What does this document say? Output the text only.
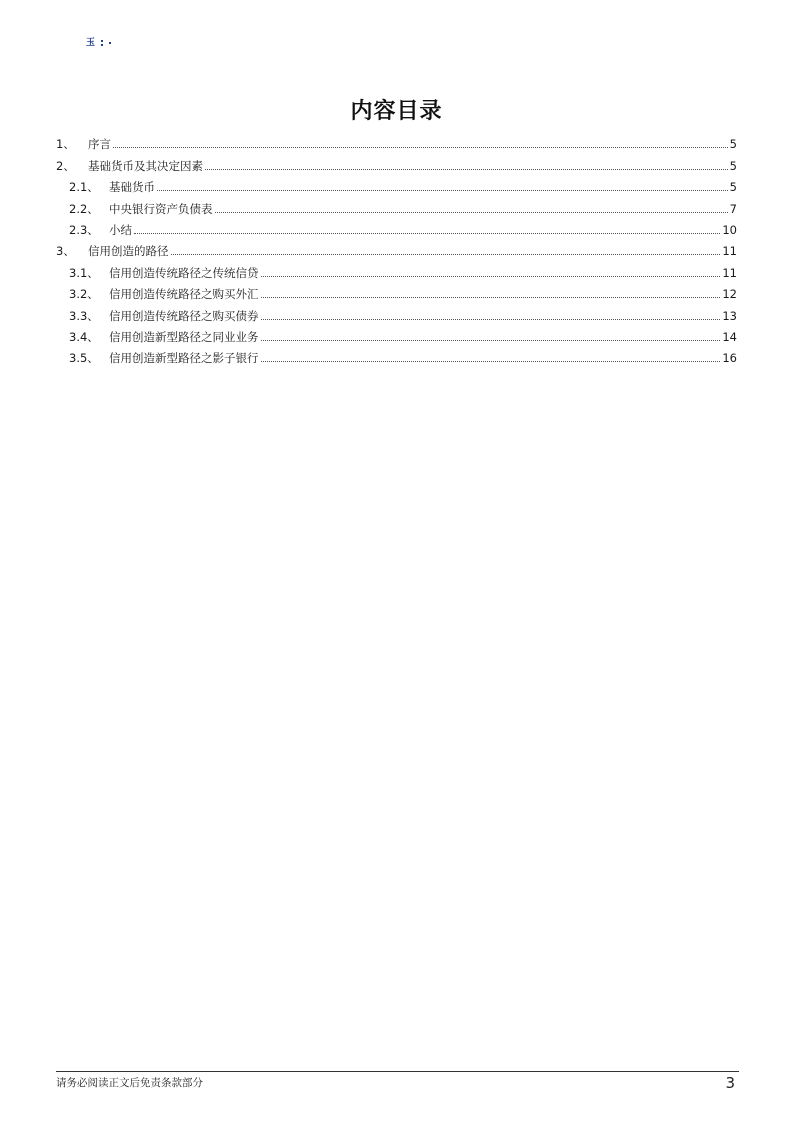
玉
内容目录
1、 序言	5
2、 基础货币及其决定因素	5
2.1、 基础货币	5
2.2、 中央银行资产负债表	7
2.3、 小结	10
3、 信用创造的路径	11
3.1、 信用创造传统路径之传统信贷	11
3.2、 信用创造传统路径之购买外汇	12
3.3、 信用创造传统路径之购买债券	13
3.4、 信用创造新型路径之同业业务	14
3.5、 信用创造新型路径之影子银行	16
请务必阅读正文后免责条款部分	3
